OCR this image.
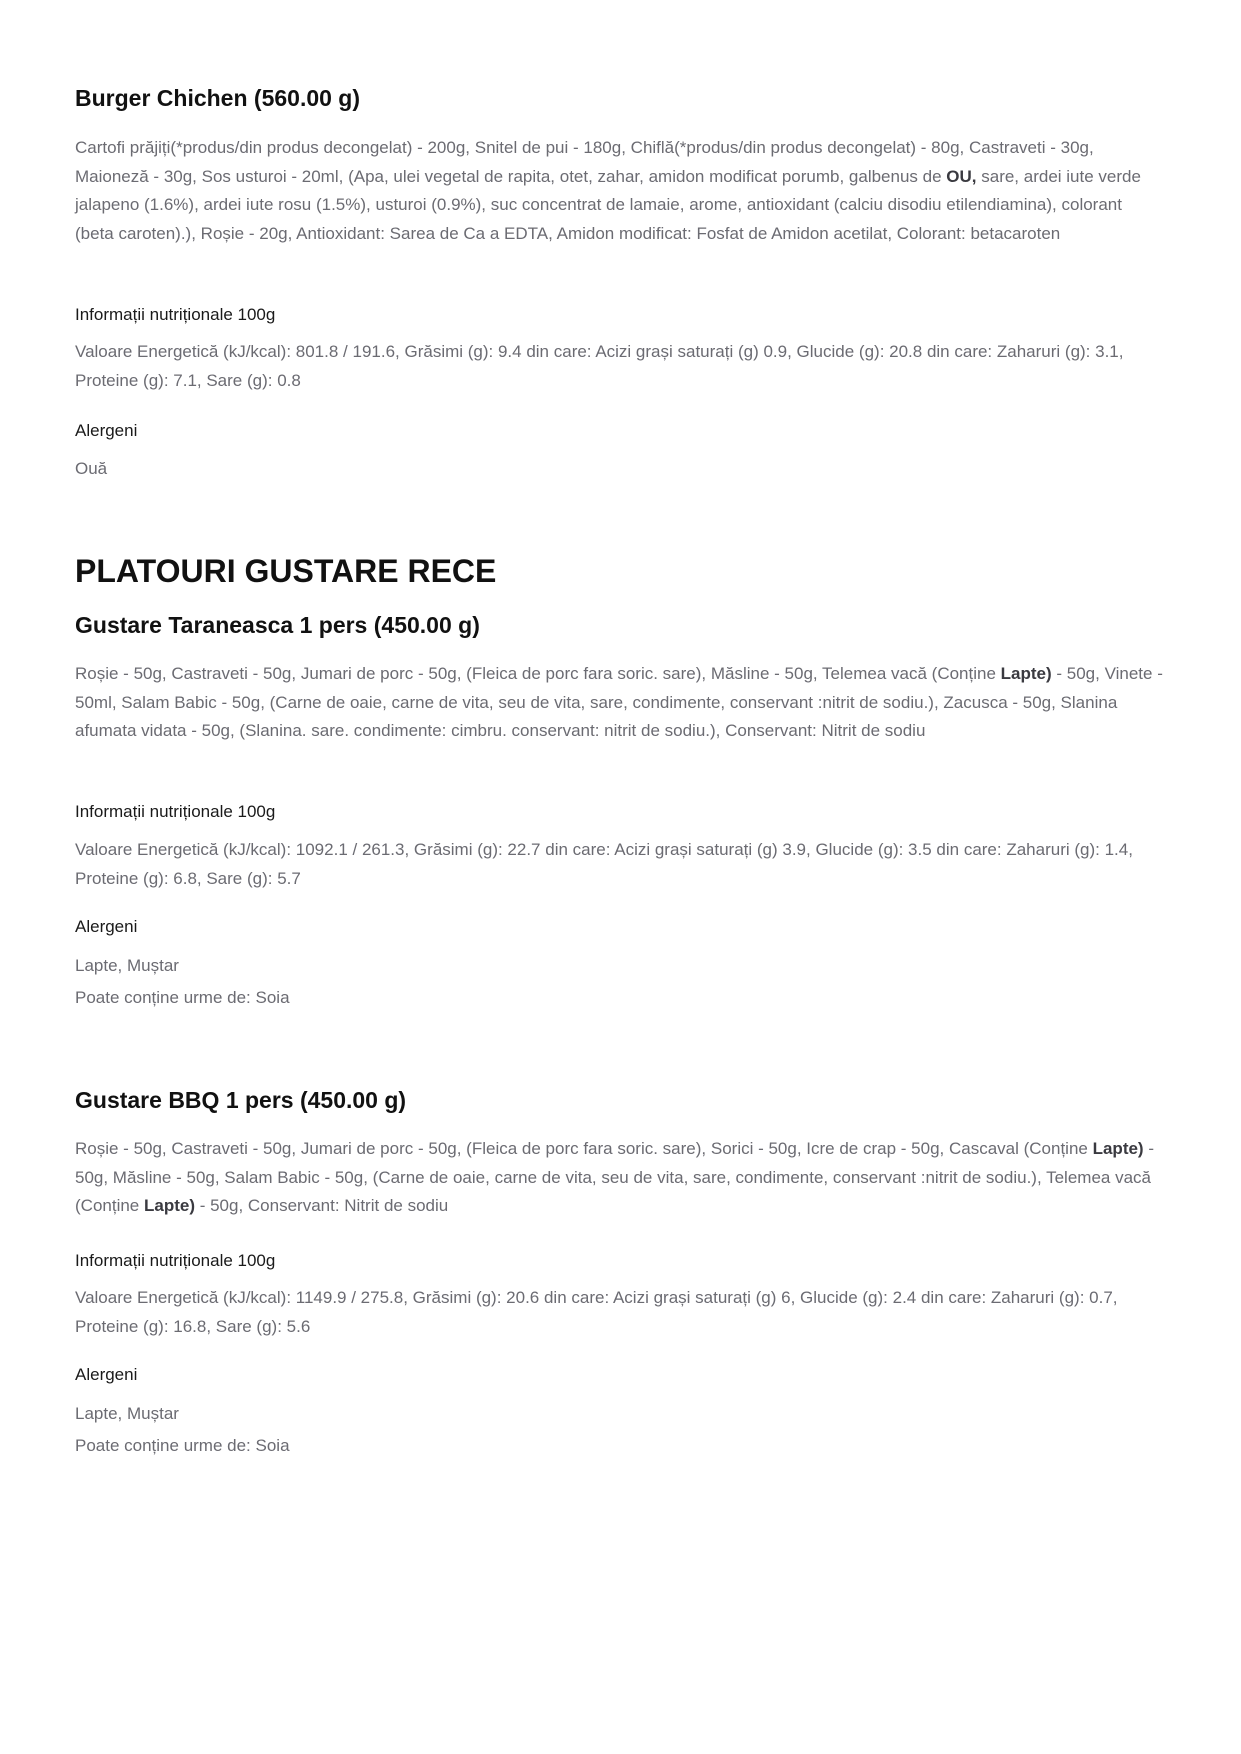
Burger Chichen (560.00 g)

Cartofi prăjiți(*produs/din produs decongelat) - 200g, Snitel de pui - 180g, Chiflă(*produs/din produs decongelat) - 80g, Castraveti - 30g, Maioneză - 30g, Sos usturoi - 20ml, (Apa, ulei vegetal de rapita, otet, zahar, amidon modificat porumb, galbenus de OU, sare, ardei iute verde jalapeno (1.6%), ardei iute rosu (1.5%), usturoi (0.9%), suc concentrat de lamaie, arome, antioxidant (calciu disodiu etilendiamina), colorant (beta caroten).), Roșie - 20g, Antioxidant: Sarea de Ca a EDTA, Amidon modificat: Fosfat de Amidon acetilat, Colorant: betacaroten

Informații nutriționale 100g

Valoare Energetică (kJ/kcal): 801.8 / 191.6, Grăsimi (g): 9.4 din care: Acizi grași saturați (g) 0.9, Glucide (g): 20.8 din care: Zaharuri (g): 3.1, Proteine (g): 7.1, Sare (g): 0.8

Alergeni

Ouă

PLATOURI GUSTARE RECE
Gustare Taraneasca 1 pers (450.00 g)

Roșie - 50g, Castraveti - 50g, Jumari de porc - 50g, (Fleica de porc fara soric. sare), Măsline - 50g, Telemea vacă (Conține Lapte) - 50g, Vinete - 50ml, Salam Babic - 50g, (Carne de oaie, carne de vita, seu de vita, sare, condimente, conservant :nitrit de sodiu.), Zacusca - 50g, Slanina afumata vidata - 50g, (Slanina. sare. condimente: cimbru. conservant: nitrit de sodiu.), Conservant: Nitrit de sodiu

Informații nutriționale 100g

Valoare Energetică (kJ/kcal): 1092.1 / 261.3, Grăsimi (g): 22.7 din care: Acizi grași saturați (g) 3.9, Glucide (g): 3.5 din care: Zaharuri (g): 1.4, Proteine (g): 6.8, Sare (g): 5.7

Alergeni

Lapte, Muștar

Poate conține urme de: Soia

Gustare BBQ 1 pers (450.00 g)

Roșie - 50g, Castraveti - 50g, Jumari de porc - 50g, (Fleica de porc fara soric. sare), Sorici - 50g, Icre de crap - 50g, Cascaval (Conține Lapte) - 50g, Măsline - 50g, Salam Babic - 50g, (Carne de oaie, carne de vita, seu de vita, sare, condimente, conservant :nitrit de sodiu.), Telemea vacă (Conține Lapte) - 50g, Conservant: Nitrit de sodiu

Informații nutriționale 100g

Valoare Energetică (kJ/kcal): 1149.9 / 275.8, Grăsimi (g): 20.6 din care: Acizi grași saturați (g) 6, Glucide (g): 2.4 din care: Zaharuri (g): 0.7, Proteine (g): 16.8, Sare (g): 5.6

Alergeni

Lapte, Muștar

Poate conține urme de: Soia
